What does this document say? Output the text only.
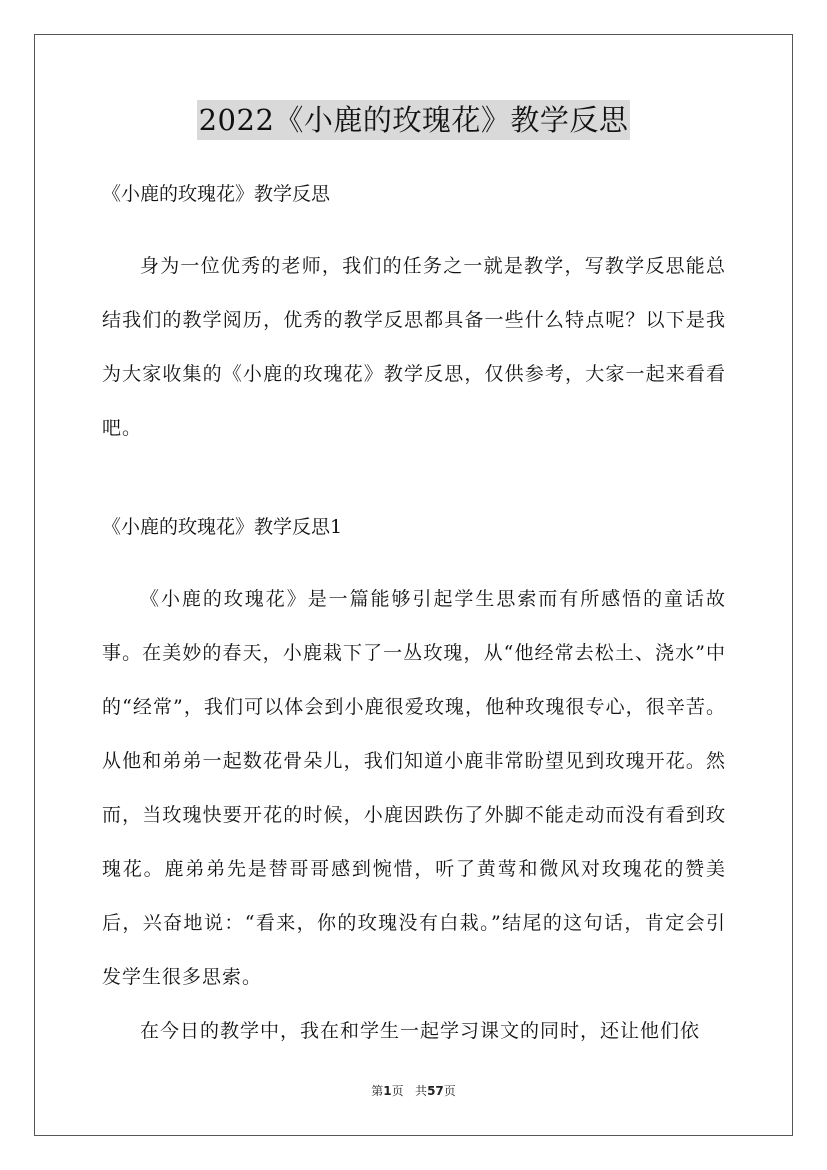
2022《小鹿的玫瑰花》教学反思

《小鹿的玫瑰花》教学反思

身为一位优秀的老师，我们的任务之一就是教学，写教学反思能总结我们的教学阅历，优秀的教学反思都具备一些什么特点呢？以下是我为大家收集的《小鹿的玫瑰花》教学反思，仅供参考，大家一起来看看吧。

《小鹿的玫瑰花》教学反思1

《小鹿的玫瑰花》是一篇能够引起学生思索而有所感悟的童话故事。在美妙的春天，小鹿栽下了一丛玫瑰，从“他经常去松土、浇水”中的“经常”，我们可以体会到小鹿很爱玫瑰，他种玫瑰很专心，很辛苦。从他和弟弟一起数花骨朵儿，我们知道小鹿非常盼望见到玫瑰开花。然而，当玫瑰快要开花的时候，小鹿因跌伤了外脚不能走动而没有看到玫瑰花。鹿弟弟先是替哥哥感到惋惜，听了黄莺和微风对玫瑰花的赞美后，兴奋地说：“看来，你的玫瑰没有白栽。”结尾的这句话，肯定会引发学生很多思索。

在今日的教学中，我在和学生一起学习课文的同时，还让他们依

第1页 共57页
